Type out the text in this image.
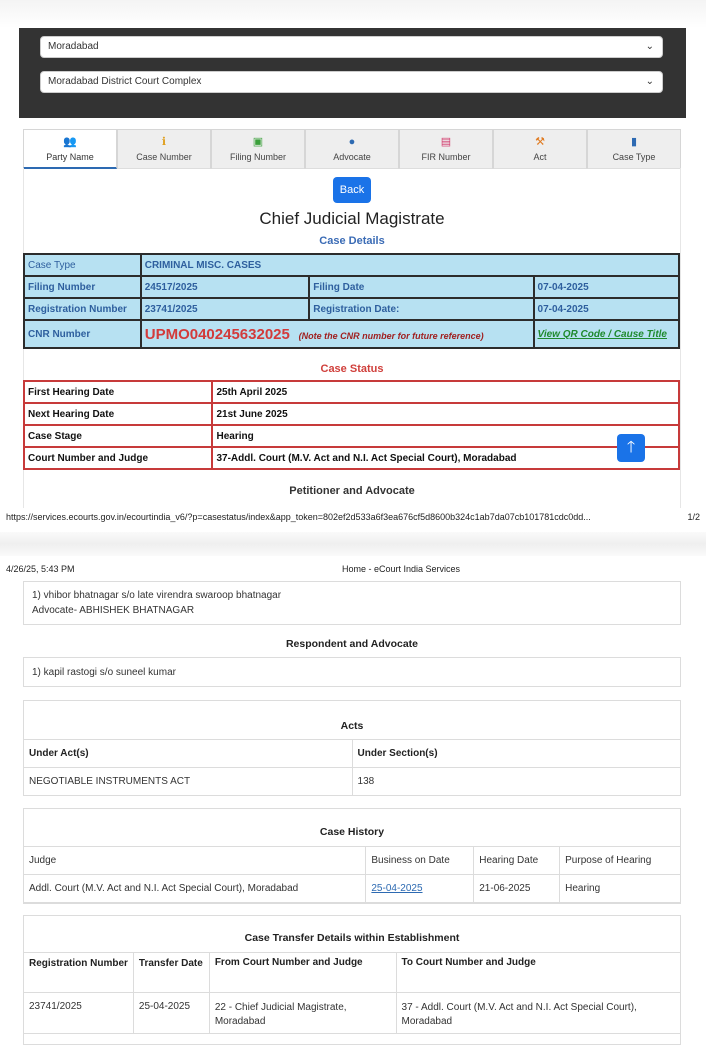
Moradabad	⌄
Moradabad District Court Complex	⌄
👥
Party Name
ℹ
Case Number
▣
Filing Number
●
Advocate
▤
FIR Number
⚒
Act
▮
Case Type
Back
Chief Judicial Magistrate
Case Details
Case Type	CRIMINAL MISC. CASES		
Filing Number	24517/2025	Filing Date	07-04-2025
Registration Number	23741/2025	Registration Date:	07-04-2025
CNR Number	UPMO040245632025 (Note the CNR number for future reference)		View QR Code / Cause Title
Case Status
First Hearing Date	25th April 2025
Next Hearing Date	21st June 2025
Case Stage	Hearing
Court Number and Judge	37-Addl. Court (M.V. Act and N.I. Act Special Court), Moradabad
🡑
Petitioner and Advocate
https://services.ecourts.gov.in/ecourtindia_v6/?p=casestatus/index&app_token=802ef2d533a6f3ea676cf5d8600b324c1ab7da07cb101781cdc0dd...	1/2
4/26/25, 5:43 PM	Home - eCourt India Services
1) vhibor bhatnagar s/o late virendra swaroop bhatnagar
Advocate- ABHISHEK BHATNAGAR
Respondent and Advocate
1) kapil rastogi s/o suneel kumar
Acts
Under Act(s)	Under Section(s)
NEGOTIABLE INSTRUMENTS ACT	138
Case History
Judge	Business on Date	Hearing Date	Purpose of Hearing
Addl. Court (M.V. Act and N.I. Act Special Court), Moradabad	25-04-2025	21-06-2025	Hearing
Case Transfer Details within Establishment
Registration Number	Transfer Date	From Court Number and Judge	To Court Number and Judge
23741/2025	25-04-2025	22 - Chief Judicial Magistrate, Moradabad	37 - Addl. Court (M.V. Act and N.I. Act Special Court), Moradabad
